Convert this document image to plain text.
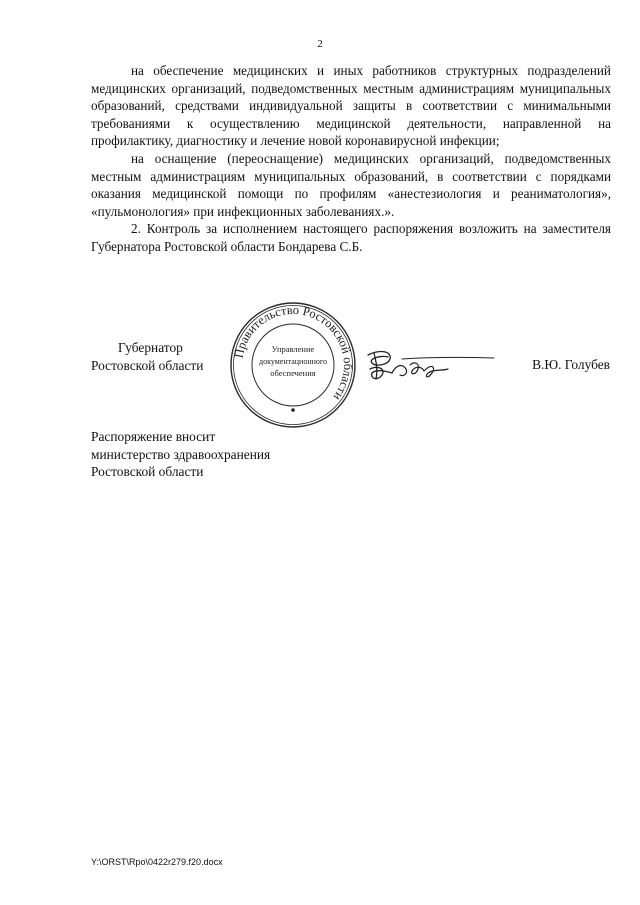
2

на обеспечение медицинских и иных работников структурных подразделений медицинских организаций, подведомственных местным администрациям муниципальных образований, средствами индивидуальной защиты в соответствии с минимальными требованиями к осуществлению медицинской деятельности, направленной на профилактику, диагностику и лечение новой коронавирусной инфекции;

на оснащение (переоснащение) медицинских организаций, подведомственных местным администрациям муниципальных образований, в соответствии с порядками оказания медицинской помощи по профилям «анестезиология и реаниматология», «пульмонология» при инфекционных заболеваниях.».

2. Контроль за исполнением настоящего распоряжения возложить на заместителя Губернатора Ростовской области Бондарева С.Б.

Губернатор
Ростовской области
Правительство Ростовской области
Управление
документационного
обеспечения
В.Ю. Голубев
Распоряжение вносит
министерство здравоохранения
Ростовской области
Y:\ORST\Rpo\0422r279.f20.docx
